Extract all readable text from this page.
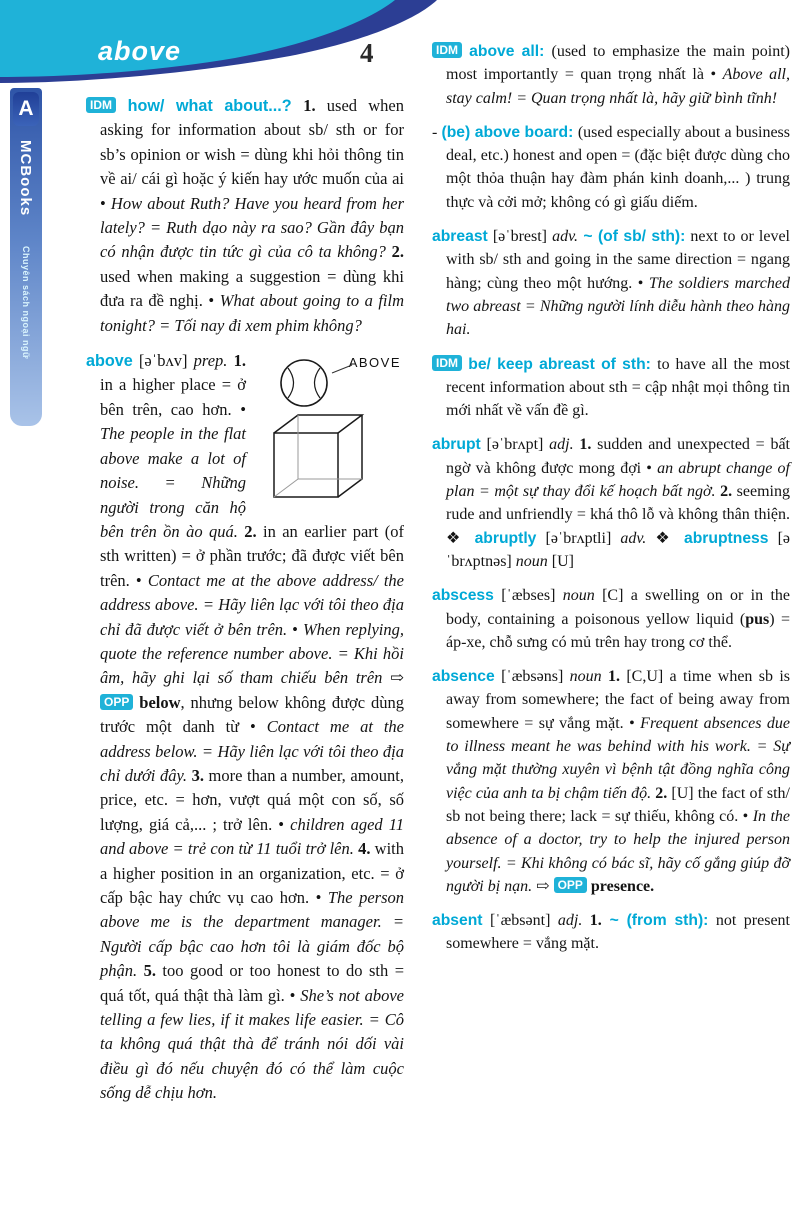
above	4
A
MCBooks
Chuyên sách ngoại ngữ
IDM how/ what about...? 1. used when asking for information about sb/ sth or for sb’s opinion or wish = dùng khi hỏi thông tin về ai/ cái gì hoặc ý kiến hay ước muốn của ai • How about Ruth? Have you heard from her lately? = Ruth dạo này ra sao? Gần đây bạn có nhận được tin tức gì của cô ta không? 2. used when making a suggestion = dùng khi đưa ra đề nghị. • What about going to a film tonight? = Tối nay đi xem phim không?
ABOVE
above [əˈbʌv] prep. 1. in a higher place = ở bên trên, cao hơn. • The people in the flat above make a lot of noise. = Những người trong căn hộ bên trên ồn ào quá. 2. in an earlier part (of sth written) = ở phần trước; đã được viết bên trên. • Contact me at the above address/ the address above. = Hãy liên lạc với tôi theo địa chỉ đã được viết ở bên trên. • When replying, quote the reference number above. = Khi hồi âm, hãy ghi lại số tham chiếu bên trên ⇨ OPP below, nhưng below không được dùng trước một danh từ • Contact me at the address below. = Hãy liên lạc với tôi theo địa chỉ dưới đây. 3. more than a number, amount, price, etc. = hơn, vượt quá một con số, số lượng, giá cả,... ; trở lên. • children aged 11 and above = trẻ con từ 11 tuổi trở lên. 4. with a higher position in an organization, etc. = ở cấp bậc hay chức vụ cao hơn. • The person above me is the department manager. = Người cấp bậc cao hơn tôi là giám đốc bộ phận. 5. too good or too honest to do sth = quá tốt, quá thật thà làm gì. • She’s not above telling a few lies, if it makes life easier. = Cô ta không quá thật thà để tránh nói dối vài điều gì đó nếu chuyện đó có thể làm cuộc sống dễ chịu hơn.
IDM above all: (used to emphasize the main point) most importantly = quan trọng nhất là • Above all, stay calm! = Quan trọng nhất là, hãy giữ bình tĩnh!
- (be) above board: (used especially about a business deal, etc.) honest and open = (đặc biệt được dùng cho một thỏa thuận hay đàm phán kinh doanh,... ) trung thực và cởi mở; không có gì giấu diếm.
abreast [əˈbrest] adv. ~ (of sb/ sth): next to or level with sb/ sth and going in the same direction = ngang hàng; cùng theo một hướng. • The soldiers marched two abreast = Những người lính diễu hành theo hàng hai.
IDM be/ keep abreast of sth: to have all the most recent information about sth = cập nhật mọi thông tin mới nhất về vấn đề gì.
abrupt [əˈbrʌpt] adj. 1. sudden and unexpected = bất ngờ và không được mong đợi • an abrupt change of plan = một sự thay đổi kế hoạch bất ngờ. 2. seeming rude and unfriendly = khá thô lỗ và không thân thiện. ❖ abruptly [əˈbrʌptli] adv. ❖ abruptness [əˈbrʌptnəs] noun [U]
abscess [ˈæbses] noun [C] a swelling on or in the body, containing a poisonous yellow liquid (pus) = áp-xe, chỗ sưng có mủ trên hay trong cơ thể.
absence [ˈæbsəns] noun 1. [C,U] a time when sb is away from somewhere; the fact of being away from somewhere = sự vắng mặt. • Frequent absences due to illness meant he was behind with his work. = Sự vắng mặt thường xuyên vì bệnh tật đồng nghĩa công việc của anh ta bị chậm tiến độ. 2. [U] the fact of sth/ sb not being there; lack = sự thiếu, không có. • In the absence of a doctor, try to help the injured person yourself. = Khi không có bác sĩ, hãy cố gắng giúp đỡ người bị nạn. ⇨ OPP presence.
absent [ˈæbsənt] adj. 1. ~ (from sth): not present somewhere = vắng mặt.
